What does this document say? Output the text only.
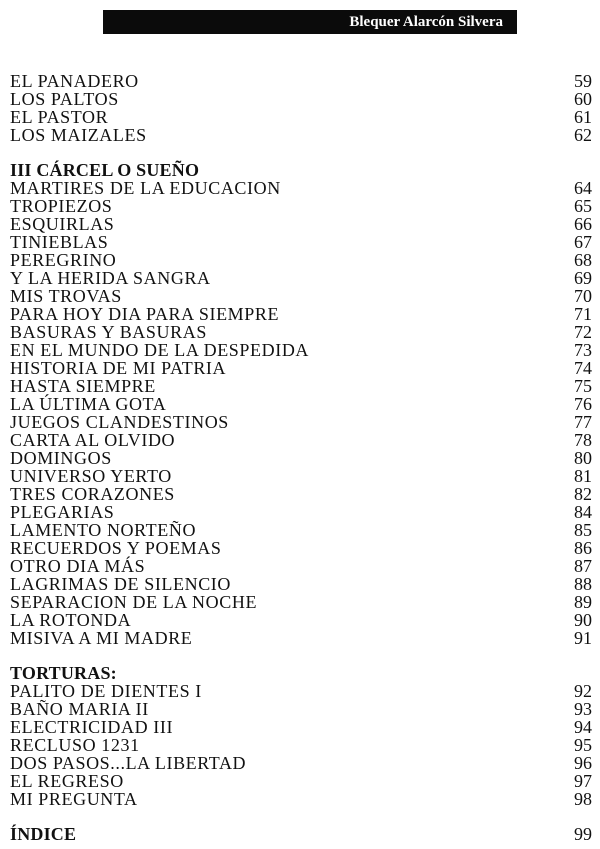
Blequer Alarcón Silvera
EL PANADERO	59
LOS PALTOS	60
EL PASTOR	61
LOS MAIZALES	62
III CÁRCEL O SUEÑO
MARTIRES DE LA EDUCACION	64
TROPIEZOS	65
ESQUIRLAS	66
TINIEBLAS	67
PEREGRINO	68
Y LA HERIDA SANGRA	69
MIS TROVAS	70
PARA HOY DIA PARA SIEMPRE	71
BASURAS Y BASURAS	72
EN EL MUNDO DE LA DESPEDIDA	73
HISTORIA DE MI PATRIA	74
HASTA SIEMPRE	75
LA ÚLTIMA GOTA	76
JUEGOS CLANDESTINOS	77
CARTA AL OLVIDO	78
DOMINGOS	80
UNIVERSO YERTO	81
TRES CORAZONES	82
PLEGARIAS	84
LAMENTO NORTEÑO	85
RECUERDOS Y POEMAS	86
OTRO DIA MÁS	87
LAGRIMAS DE SILENCIO	88
SEPARACION DE LA NOCHE	89
LA ROTONDA	90
MISIVA A MI MADRE	91
TORTURAS:
PALITO DE DIENTES I	92
BAÑO MARIA II	93
ELECTRICIDAD III	94
RECLUSO 1231	95
DOS PASOS...LA LIBERTAD	96
EL REGRESO	97
MI PREGUNTA	98
ÍNDICE	99
